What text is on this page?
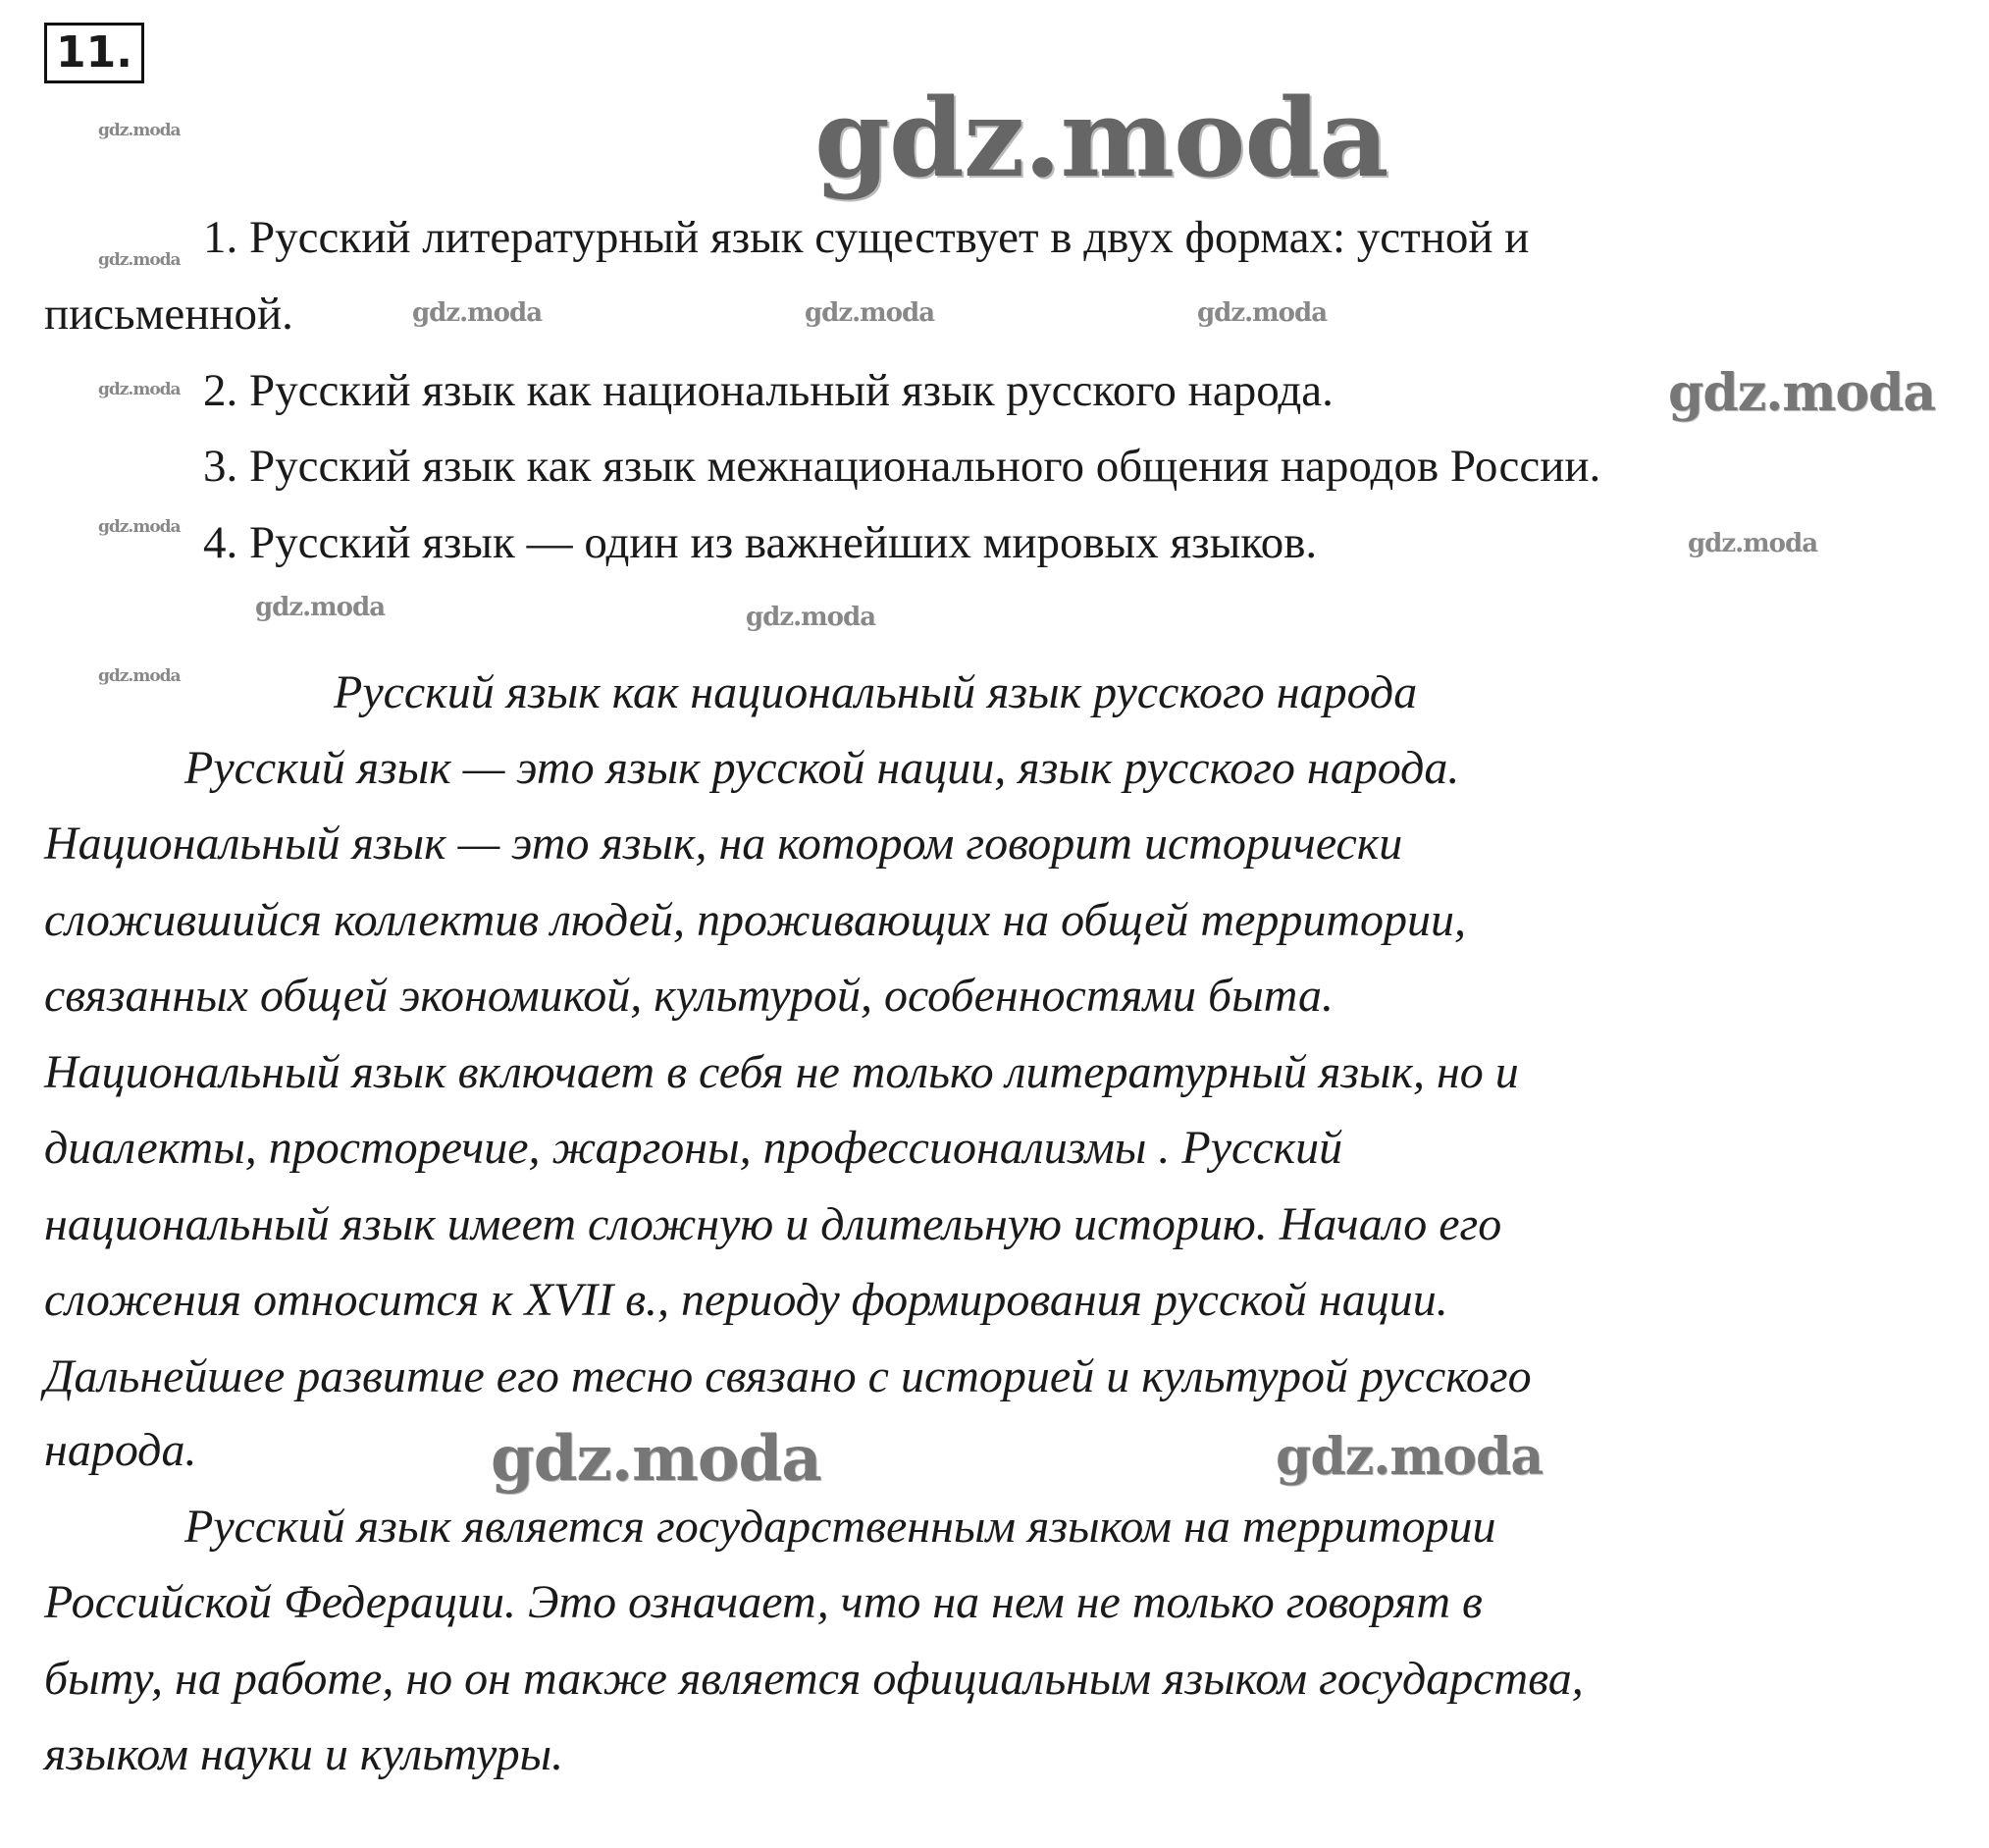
11.
gdz.moda
gdz.moda
gdz.moda
gdz.moda
gdz.moda
gdz.moda
gdz.moda	gdz.moda	gdz.moda
gdz.moda
gdz.moda
gdz.moda
gdz.moda	gdz.moda
gdz.moda
1. Русский литературный язык существует в двух формах: устной и
письменной.
2. Русский язык как национальный язык русского народа.
3. Русский язык как язык межнационального общения народов России.
4. Русский язык — один из важнейших мировых языков.
Русский язык как национальный язык русского народа
Русский язык — это язык русской нации, язык русского народа.
Национальный язык — это язык, на котором говорит исторически
сложившийся коллектив людей, проживающих на общей территории,
связанных общей экономикой, культурой, особенностями быта.
Национальный язык включает в себя не только литературный язык, но и
диалекты, просторечие, жаргоны, профессионализмы . Русский
национальный язык имеет сложную и длительную историю. Начало его
сложения относится к XVII в., периоду формирования русской нации.
Дальнейшее развитие его тесно связано с историей и культурой русского
народа.
Русский язык является государственным языком на территории
Российской Федерации. Это означает, что на нем не только говорят в
быту, на работе, но он также является официальным языком государства,
языком науки и культуры.
